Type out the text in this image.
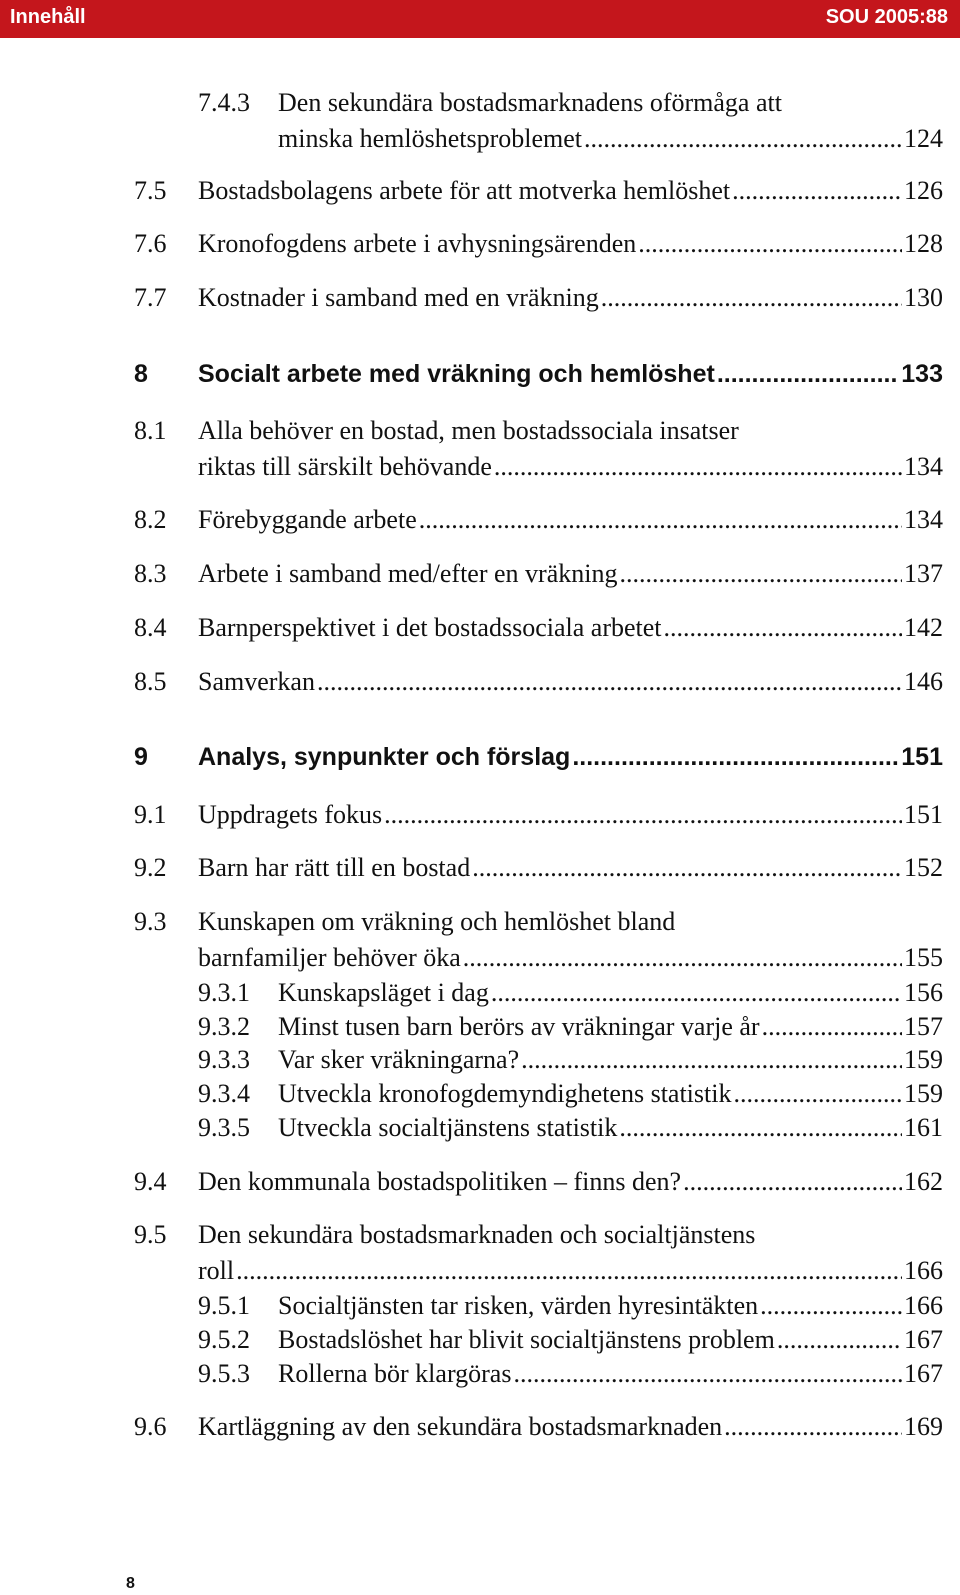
Innehåll	SOU 2005:88
7.4.3 Den sekundära bostadsmarknadens oförmåga att
minska hemlöshetsproblemet .....	124
7.5 Bostadsbolagens arbete för att motverka hemlöshet .....	126
7.6 Kronofogdens arbete i avhysningsärenden .....	128
7.7 Kostnader i samband med en vräkning .....	130
8 Socialt arbete med vräkning och hemlöshet .....	133
8.1 Alla behöver en bostad, men bostadssociala insatser
riktas till särskilt behövande .....	134
8.2 Förebyggande arbete .....	134
8.3 Arbete i samband med/efter en vräkning .....	137
8.4 Barnperspektivet i det bostadssociala arbetet .....	142
8.5 Samverkan .....	146
9 Analys, synpunkter och förslag .....	151
9.1 Uppdragets fokus .....	151
9.2 Barn har rätt till en bostad .....	152
9.3 Kunskapen om vräkning och hemlöshet bland
barnfamiljer behöver öka .....	155
9.3.1 Kunskapsläget i dag .....	156
9.3.2 Minst tusen barn berörs av vräkningar varje år .....	157
9.3.3 Var sker vräkningarna? .....	159
9.3.4 Utveckla kronofogdemyndighetens statistik .....	159
9.3.5 Utveckla socialtjänstens statistik .....	161
9.4 Den kommunala bostadspolitiken – finns den? .....	162
9.5 Den sekundära bostadsmarknaden och socialtjänstens
roll .....	166
9.5.1 Socialtjänsten tar risken, värden hyresintäkten .....	166
9.5.2 Bostadslöshet har blivit socialtjänstens problem .....	167
9.5.3 Rollerna bör klargöras .....	167
9.6 Kartläggning av den sekundära bostadsmarknaden .....	169
8
